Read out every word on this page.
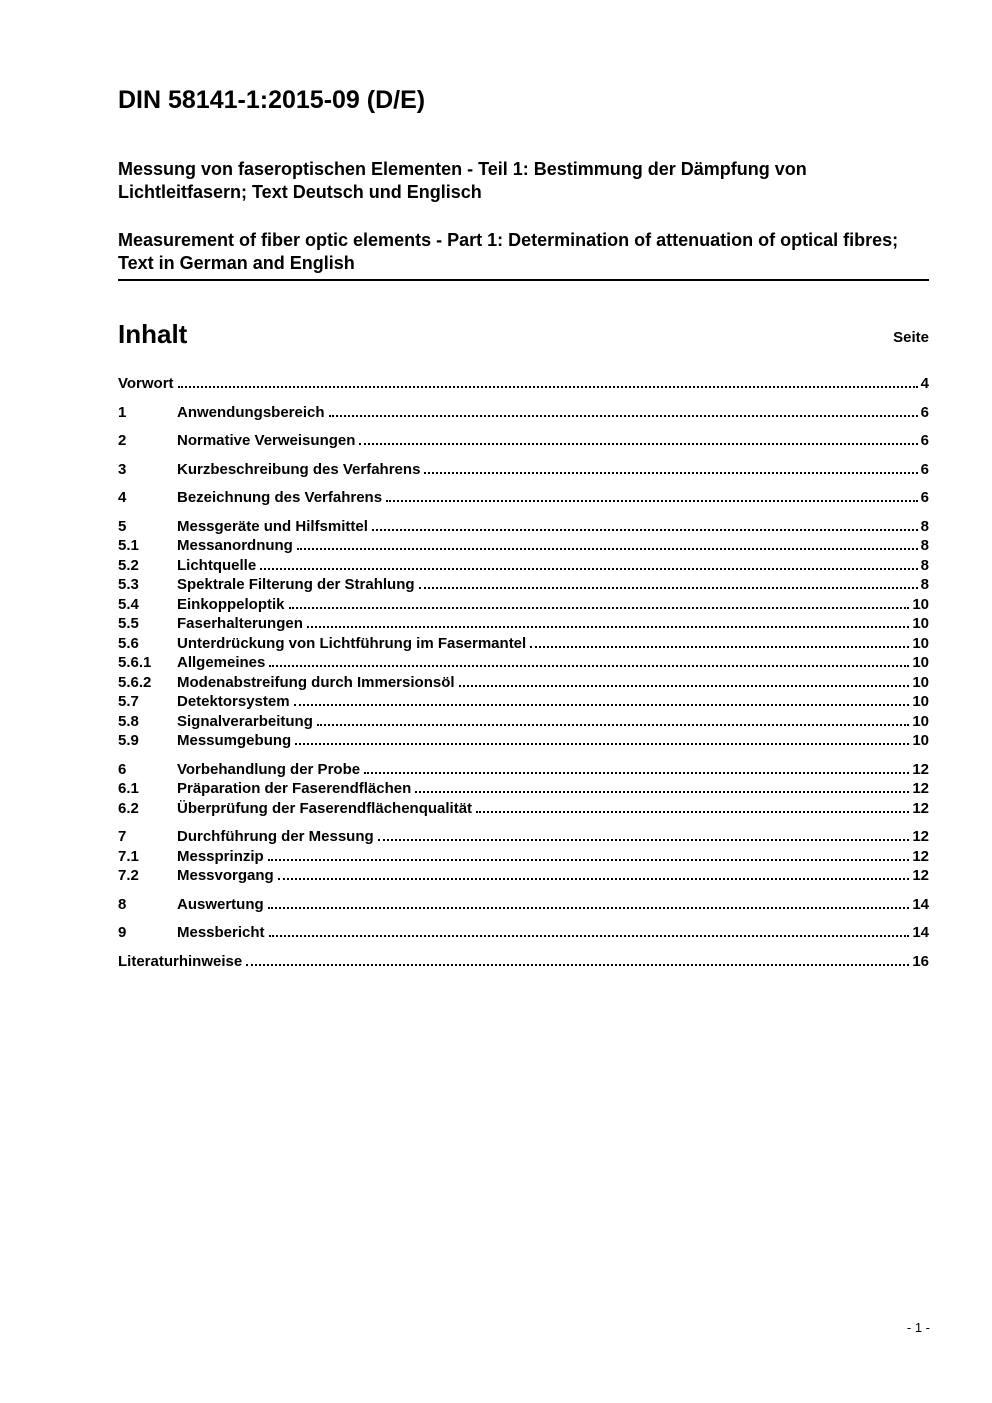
DIN 58141-1:2015-09 (D/E)

Messung von faseroptischen Elementen - Teil 1: Bestimmung der Dämpfung von Lichtleitfasern; Text Deutsch und Englisch

Measurement of fiber optic elements - Part 1: Determination of attenuation of optical fibres; Text in German and English

Inhalt	Seite
Vorwort	4
1	Anwendungsbereich	6
2	Normative Verweisungen	6
3	Kurzbeschreibung des Verfahrens	6
4	Bezeichnung des Verfahrens	6
5	Messgeräte und Hilfsmittel	8
5.1	Messanordnung	8
5.2	Lichtquelle	8
5.3	Spektrale Filterung der Strahlung	8
5.4	Einkoppeloptik	10
5.5	Faserhalterungen	10
5.6	Unterdrückung von Lichtführung im Fasermantel	10
5.6.1	Allgemeines	10
5.6.2	Modenabstreifung durch Immersionsöl	10
5.7	Detektorsystem	10
5.8	Signalverarbeitung	10
5.9	Messumgebung	10
6	Vorbehandlung der Probe	12
6.1	Präparation der Faserendflächen	12
6.2	Überprüfung der Faserendflächenqualität	12
7	Durchführung der Messung	12
7.1	Messprinzip	12
7.2	Messvorgang	12
8	Auswertung	14
9	Messbericht	14
Literaturhinweise	16
- 1 -
